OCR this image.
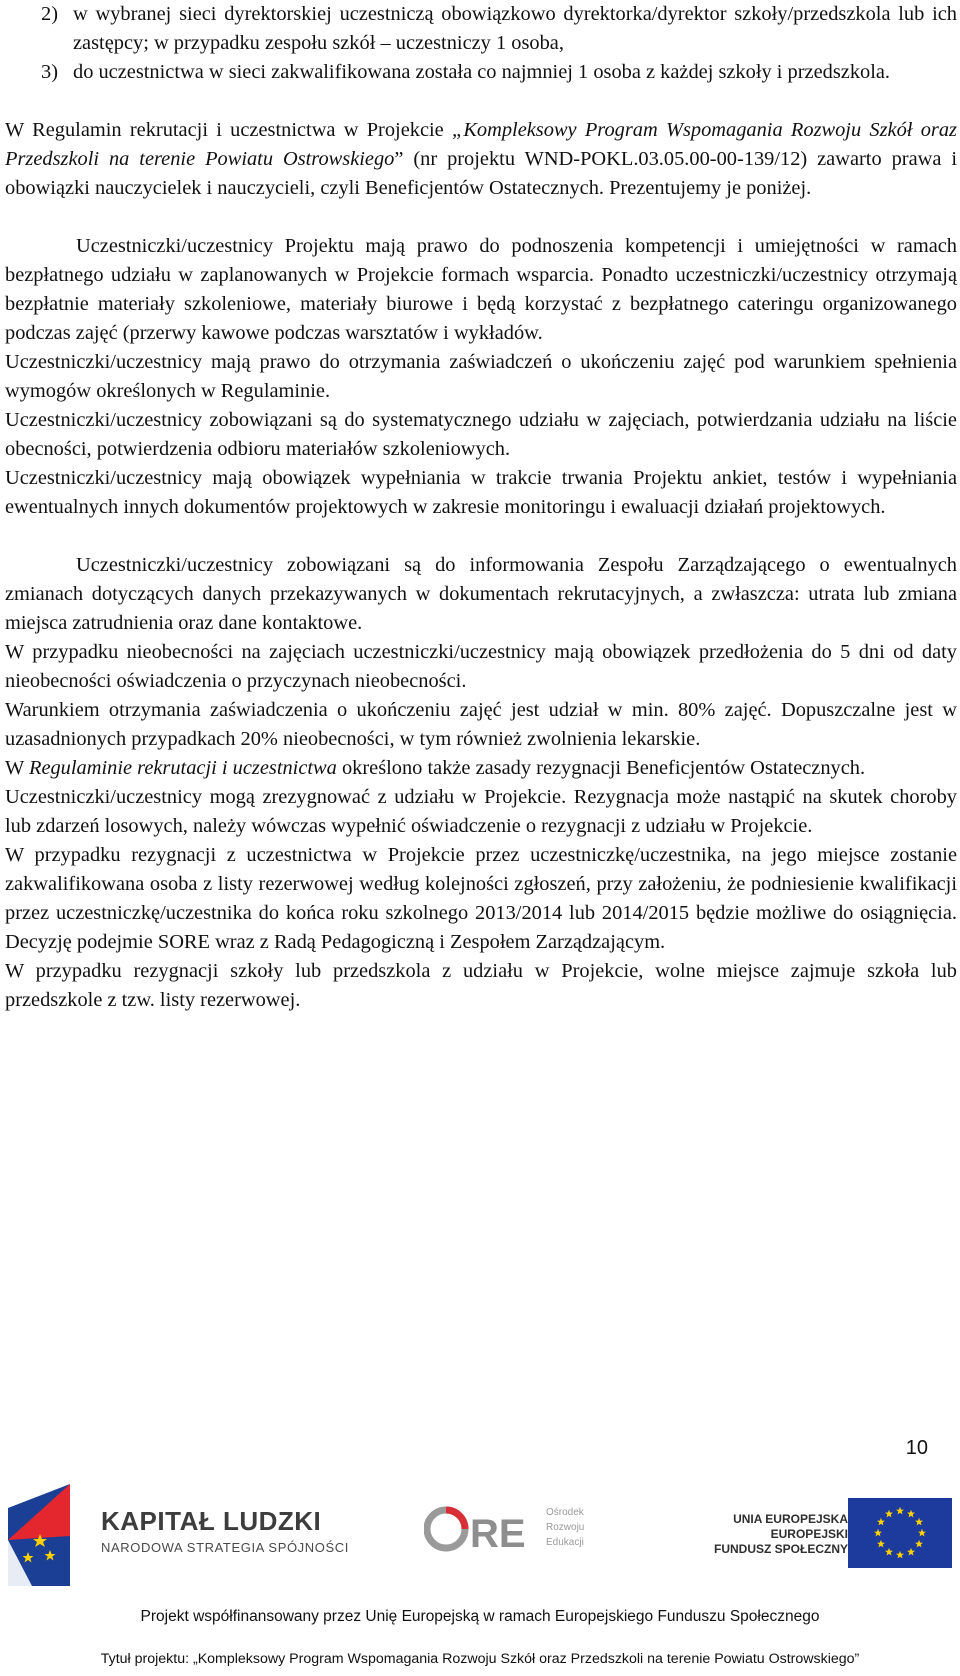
2) w wybranej sieci dyrektorskiej uczestniczą obowiązkowo dyrektorka/dyrektor szkoły/przedszkola lub ich zastępcy; w przypadku zespołu szkół – uczestniczy 1 osoba,
3) do uczestnictwa w sieci zakwalifikowana została co najmniej 1 osoba z każdej szkoły i przedszkola.

W Regulamin rekrutacji i uczestnictwa w Projekcie „Kompleksowy Program Wspomagania Rozwoju Szkół oraz Przedszkoli na terenie Powiatu Ostrowskiego” (nr projektu WND-POKL.03.05.00-00-139/12) zawarto prawa i obowiązki nauczycielek i nauczycieli, czyli Beneficjentów Ostatecznych. Prezentujemy je poniżej.

Uczestniczki/uczestnicy Projektu mają prawo do podnoszenia kompetencji i umiejętności w ramach bezpłatnego udziału w zaplanowanych w Projekcie formach wsparcia. Ponadto uczestniczki/uczestnicy otrzymają bezpłatnie materiały szkoleniowe, materiały biurowe i będą korzystać z bezpłatnego cateringu organizowanego podczas zajęć (przerwy kawowe podczas warsztatów i wykładów.

Uczestniczki/uczestnicy mają prawo do otrzymania zaświadczeń o ukończeniu zajęć pod warunkiem spełnienia wymogów określonych w Regulaminie.

Uczestniczki/uczestnicy zobowiązani są do systematycznego udziału w zajęciach, potwierdzania udziału na liście obecności, potwierdzenia odbioru materiałów szkoleniowych.

Uczestniczki/uczestnicy mają obowiązek wypełniania w trakcie trwania Projektu ankiet, testów i wypełniania ewentualnych innych dokumentów projektowych w zakresie monitoringu i ewaluacji działań projektowych.

Uczestniczki/uczestnicy zobowiązani są do informowania Zespołu Zarządzającego o ewentualnych zmianach dotyczących danych przekazywanych w dokumentach rekrutacyjnych, a zwłaszcza: utrata lub zmiana miejsca zatrudnienia oraz dane kontaktowe.

W przypadku nieobecności na zajęciach uczestniczki/uczestnicy mają obowiązek przedłożenia do 5 dni od daty nieobecności oświadczenia o przyczynach nieobecności.

Warunkiem otrzymania zaświadczenia o ukończeniu zajęć jest udział w min. 80% zajęć. Dopuszczalne jest w uzasadnionych przypadkach 20% nieobecności, w tym również zwolnienia lekarskie.

W Regulaminie rekrutacji i uczestnictwa określono także zasady rezygnacji Beneficjentów Ostatecznych.

Uczestniczki/uczestnicy mogą zrezygnować z udziału w Projekcie. Rezygnacja może nastąpić na skutek choroby lub zdarzeń losowych, należy wówczas wypełnić oświadczenie o rezygnacji z udziału w Projekcie.

W przypadku rezygnacji z uczestnictwa w Projekcie przez uczestniczkę/uczestnika, na jego miejsce zostanie zakwalifikowana osoba z listy rezerwowej według kolejności zgłoszeń, przy założeniu, że podniesienie kwalifikacji przez uczestniczkę/uczestnika do końca roku szkolnego 2013/2014 lub 2014/2015 będzie możliwe do osiągnięcia. Decyzję podejmie SORE wraz z Radą Pedagogiczną i Zespołem Zarządzającym.

W przypadku rezygnacji szkoły lub przedszkola z udziału w Projekcie, wolne miejsce zajmuje szkoła lub przedszkole z tzw. listy rezerwowej.

10
KAPITAŁ LUDZKI
NARODOWA STRATEGIA SPÓJNOŚCI	RE Ośrodek
Rozwoju
Edukacji
UNIA EUROPEJSKA
EUROPEJSKI
FUNDUSZ SPOŁECZNY
Projekt współfinansowany przez Unię Europejską w ramach Europejskiego Funduszu Społecznego
Tytuł projektu: „Kompleksowy Program Wspomagania Rozwoju Szkół oraz Przedszkoli na terenie Powiatu Ostrowskiego”
